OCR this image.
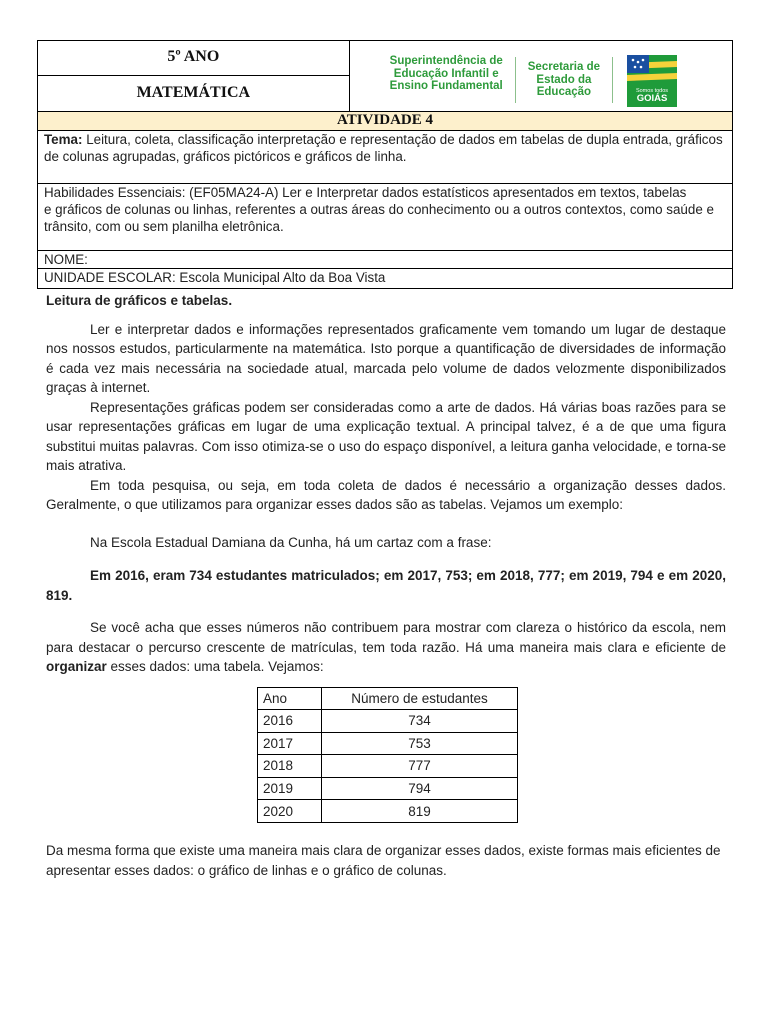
5º ANO	Superintendência de
Educação Infantil e
Ensino Fundamental
Secretaria de
Estado da
Educação	Somos todos
GOIÁS

MATEMÁTICA
ATIVIDADE 4
Tema: Leitura, coleta, classificação interpretação e representação de dados em tabelas de dupla entrada, gráficos de colunas agrupadas, gráficos pictóricos e gráficos de linha.

Habilidades Essenciais: (EF05MA24-A) Ler e Interpretar dados estatísticos apresentados em textos, tabelas
e gráficos de colunas ou linhas, referentes a outras áreas do conhecimento ou a outros contextos, como saúde e trânsito, com ou sem planilha eletrônica.

NOME:
UNIDADE ESCOLAR: Escola Municipal Alto da Boa Vista
Leitura de gráficos e tabelas.

Ler e interpretar dados e informações representados graficamente vem tomando um lugar de destaque nos nossos estudos, particularmente na matemática. Isto porque a quantificação de diversidades de informação é cada vez mais necessária na sociedade atual, marcada pelo volume de dados velozmente disponibilizados graças à internet.

Representações gráficas podem ser consideradas como a arte de dados. Há várias boas razões para se usar representações gráficas em lugar de uma explicação textual. A principal talvez, é a de que uma figura substitui muitas palavras. Com isso otimiza-se o uso do espaço disponível, a leitura ganha velocidade, e torna-se mais atrativa.

Em toda pesquisa, ou seja, em toda coleta de dados é necessário a organização desses dados. Geralmente, o que utilizamos para organizar esses dados são as tabelas. Vejamos um exemplo:

Na Escola Estadual Damiana da Cunha, há um cartaz com a frase:

Em 2016, eram 734 estudantes matriculados; em 2017, 753; em 2018, 777; em 2019, 794 e em 2020, 819.

Se você acha que esses números não contribuem para mostrar com clareza o histórico da escola, nem para destacar o percurso crescente de matrículas, tem toda razão. Há uma maneira mais clara e eficiente de organizar esses dados: uma tabela. Vejamos:

Ano	Número de estudantes
2016	734
2017	753
2018	777
2019	794
2020	819

Da mesma forma que existe uma maneira mais clara de organizar esses dados, existe formas mais eficientes de apresentar esses dados: o gráfico de linhas e o gráfico de colunas.
